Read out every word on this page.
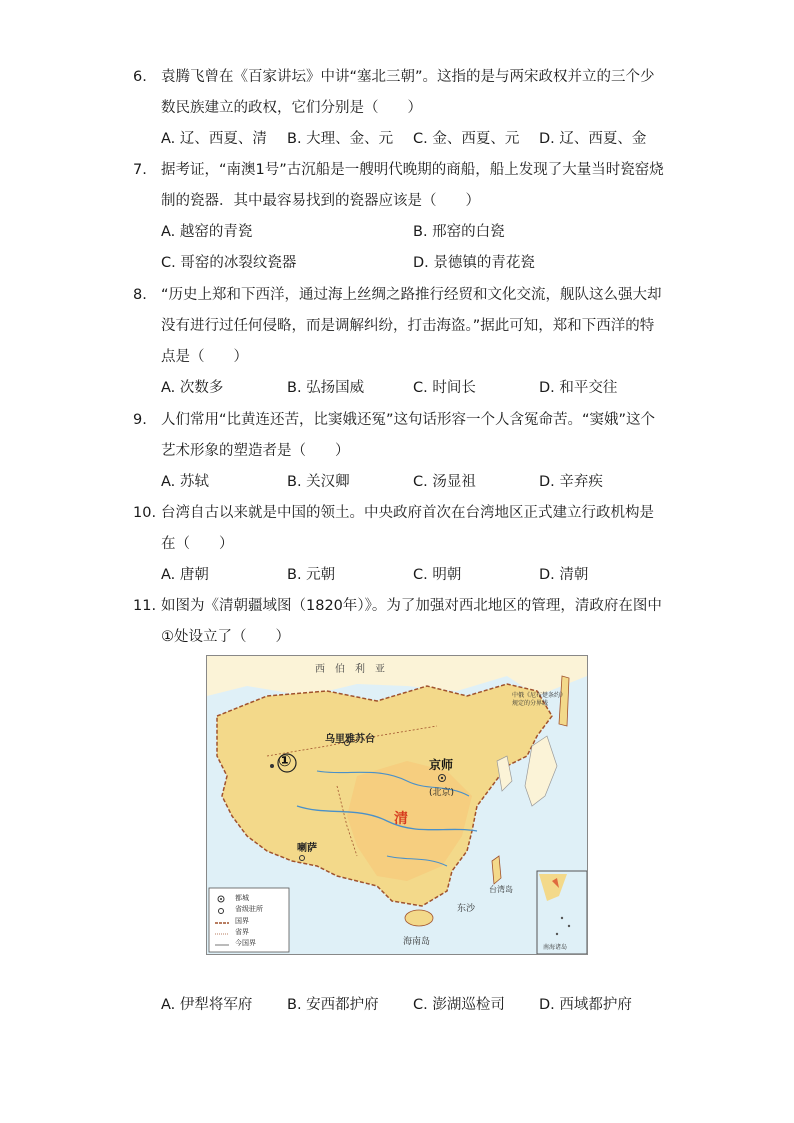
6. 袁腾飞曾在《百家讲坛》中讲“塞北三朝”。这指的是与两宋政权并立的三个少数民族建立的政权，它们分别是（　　）
A. 辽、西夏、清 B. 大理、金、元 C. 金、西夏、元 D. 辽、西夏、金
7. 据考证，“南澳1号”古沉船是一艘明代晚期的商船，船上发现了大量当时瓷窑烧制的瓷器．其中最容易找到的瓷器应该是（　　）
A. 越窑的青瓷	B. 邢窑的白瓷
C. 哥窑的冰裂纹瓷器	D. 景德镇的青花瓷
8. “历史上郑和下西洋，通过海上丝绸之路推行经贸和文化交流，舰队这么强大却没有进行过任何侵略，而是调解纠纷，打击海盗。”据此可知，郑和下西洋的特点是（　　）
A. 次数多	B. 弘扬国威	C. 时间长	D. 和平交往
9. 人们常用“比黄连还苦，比窦娥还冤”这句话形容一个人含冤命苦。“窦娥”这个艺术形象的塑造者是（　　）
A. 苏轼	B. 关汉卿	C. 汤显祖	D. 辛弃疾
10. 台湾自古以来就是中国的领土。中央政府首次在台湾地区正式建立行政机构是在（　　）
A. 唐朝	B. 元朝	C. 明朝	D. 清朝
11. 如图为《清朝疆域图（1820年）》。为了加强对西北地区的管理，清政府在图中①处设立了（　　）
西　伯　利　亚
乌里雅苏台
①	京师
(北京)
清
喇萨
东沙
台湾岛
海南岛
南海诸岛
中俄《尼布楚条约》
规定的分界线
都城
省级驻所
国界
省界
今国界
A. 伊犁将军府 B. 安西都护府 C. 澎湖巡检司 D. 西域都护府
